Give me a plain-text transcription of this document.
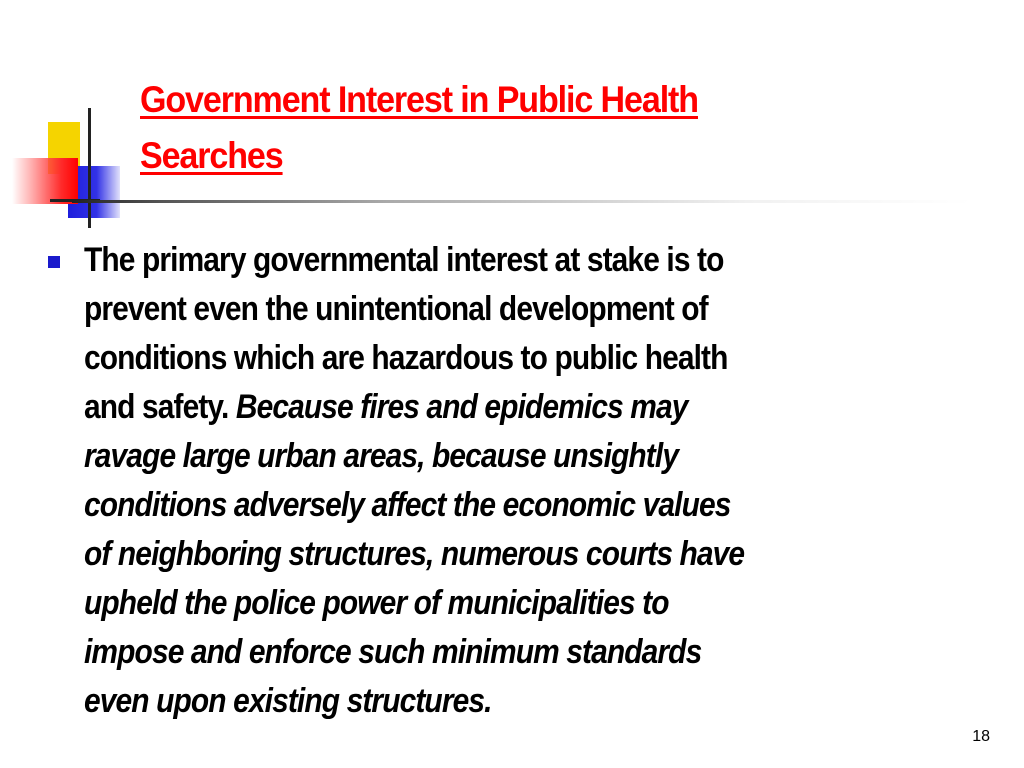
Government Interest in Public Health
Searches
The primary governmental interest at stake is to
prevent even the unintentional development of
conditions which are hazardous to public health
and safety. Because fires and epidemics may
ravage large urban areas, because unsightly
conditions adversely affect the economic values
of neighboring structures, numerous courts have
upheld the police power of municipalities to
impose and enforce such minimum standards
even upon existing structures.
18
